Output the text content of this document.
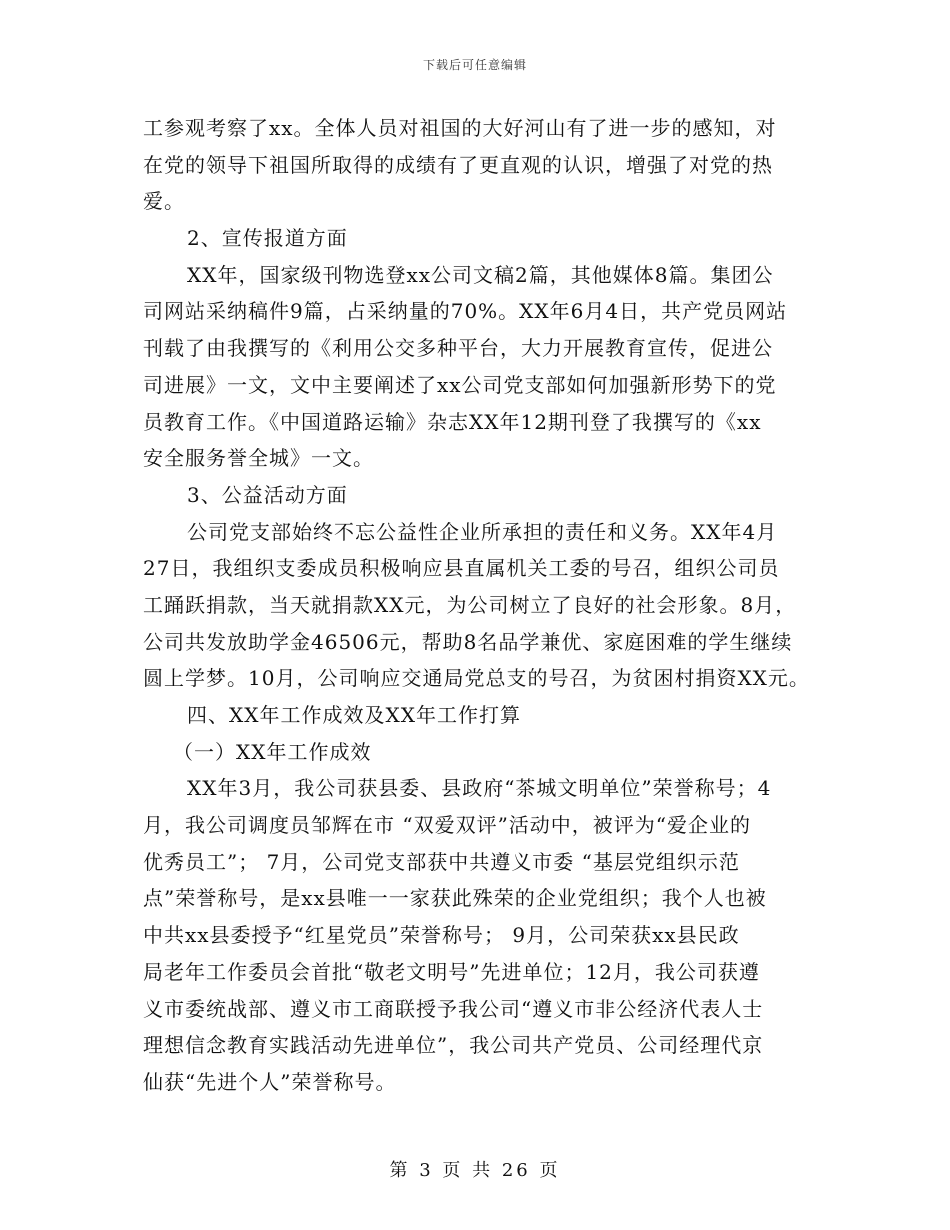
下载后可任意编辑
工参观考察了xx。全体人员对祖国的大好河山有了进一步的感知，对
在党的领导下祖国所取得的成绩有了更直观的认识，增强了对党的热
爱。
2、宣传报道方面
XX年，国家级刊物选登xx公司文稿2篇，其他媒体8篇。集团公
司网站采纳稿件9篇，占采纳量的70%。XX年6月4日，共产党员网站
刊载了由我撰写的《利用公交多种平台，大力开展教育宣传，促进公
司进展》一文，文中主要阐述了xx公司党支部如何加强新形势下的党
员教育工作。《中国道路运输》杂志XX年12期刊登了我撰写的《xx
安全服务誉全城》一文。
3、公益活动方面
公司党支部始终不忘公益性企业所承担的责任和义务。XX年4月
27日，我组织支委成员积极响应县直属机关工委的号召，组织公司员
工踊跃捐款，当天就捐款XX元，为公司树立了良好的社会形象。8月，
公司共发放助学金46506元，帮助8名品学兼优、家庭困难的学生继续
圆上学梦。10月，公司响应交通局党总支的号召，为贫困村捐资XX元。
四、XX年工作成效及XX年工作打算
（一）XX年工作成效
XX年3月，我公司获县委、县政府“茶城文明单位”荣誉称号；4
月，我公司调度员邹辉在市 “双爱双评”活动中，被评为“爱企业的
优秀员工”； 7月，公司党支部获中共遵义市委 “基层党组织示范
点”荣誉称号，是xx县唯一一家获此殊荣的企业党组织；我个人也被
中共xx县委授予“红星党员”荣誉称号； 9月，公司荣获xx县民政
局老年工作委员会首批“敬老文明号”先进单位；12月，我公司获遵
义市委统战部、遵义市工商联授予我公司“遵义市非公经济代表人士
理想信念教育实践活动先进单位”，我公司共产党员、公司经理代京
仙获“先进个人”荣誉称号。
第 3 页 共 26 页
